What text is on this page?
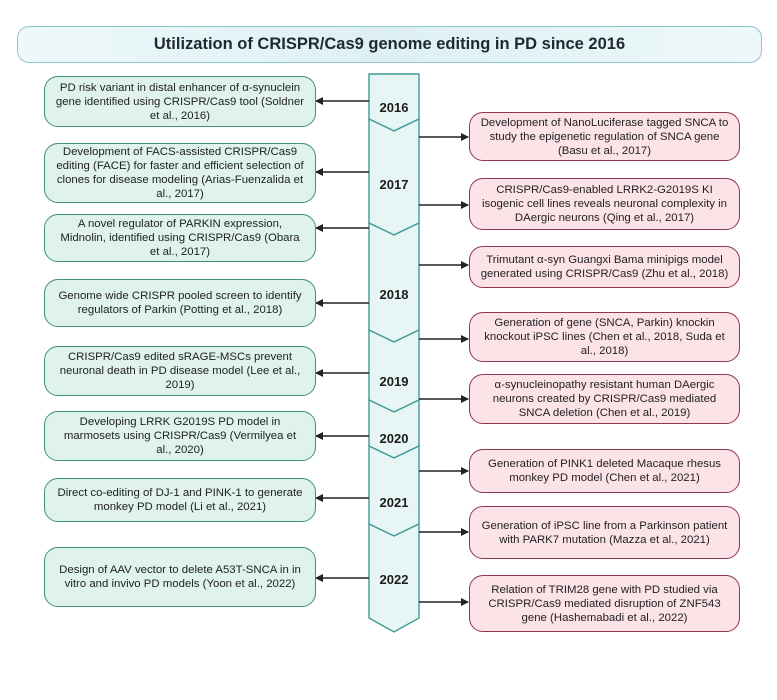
Utilization of CRISPR/Cas9 genome editing in PD since 2016
2016
2017
2018
2019
2020
2021
2022
PD risk variant in distal enhancer of α-synuclein gene identified using CRISPR/Cas9 tool (Soldner et al., 2016)
Development of FACS-assisted CRISPR/Cas9 editing (FACE) for faster and efficient selection of clones for disease modeling (Arias-Fuenzalida et al., 2017)
A novel regulator of PARKIN expression, Midnolin, identified using CRISPR/Cas9 (Obara et al., 2017)
Genome wide CRISPR pooled screen to identify regulators of Parkin (Potting et al., 2018)
CRISPR/Cas9 edited sRAGE-MSCs prevent neuronal death in PD disease model (Lee et al., 2019)
Developing LRRK G2019S PD model in marmosets using CRISPR/Cas9 (Vermilyea et al., 2020)
Direct co-editing of DJ-1 and PINK-1 to generate monkey PD model (Li et al., 2021)
Design of AAV vector to delete A53T-SNCA in in vitro and invivo PD models (Yoon et al., 2022)
Development of NanoLuciferase tagged SNCA to study the epigenetic regulation of SNCA gene (Basu et al., 2017)
CRISPR/Cas9-enabled LRRK2-G2019S KI isogenic cell lines reveals neuronal complexity in DAergic neurons (Qing et al., 2017)
Trimutant α-syn Guangxi Bama minipigs model generated using CRISPR/Cas9 (Zhu et al., 2018)
Generation of gene (SNCA, Parkin) knockin knockout iPSC lines (Chen et al., 2018, Suda et al., 2018)
α-synucleinopathy resistant human DAergic neurons created by CRISPR/Cas9 mediated SNCA deletion (Chen et al., 2019)
Generation of PINK1 deleted Macaque rhesus monkey PD model (Chen et al., 2021)
Generation of iPSC line from a Parkinson patient with PARK7 mutation (Mazza et al., 2021)
Relation of TRIM28 gene with PD studied via CRISPR/Cas9 mediated disruption of ZNF543 gene (Hashemabadi et al., 2022)
